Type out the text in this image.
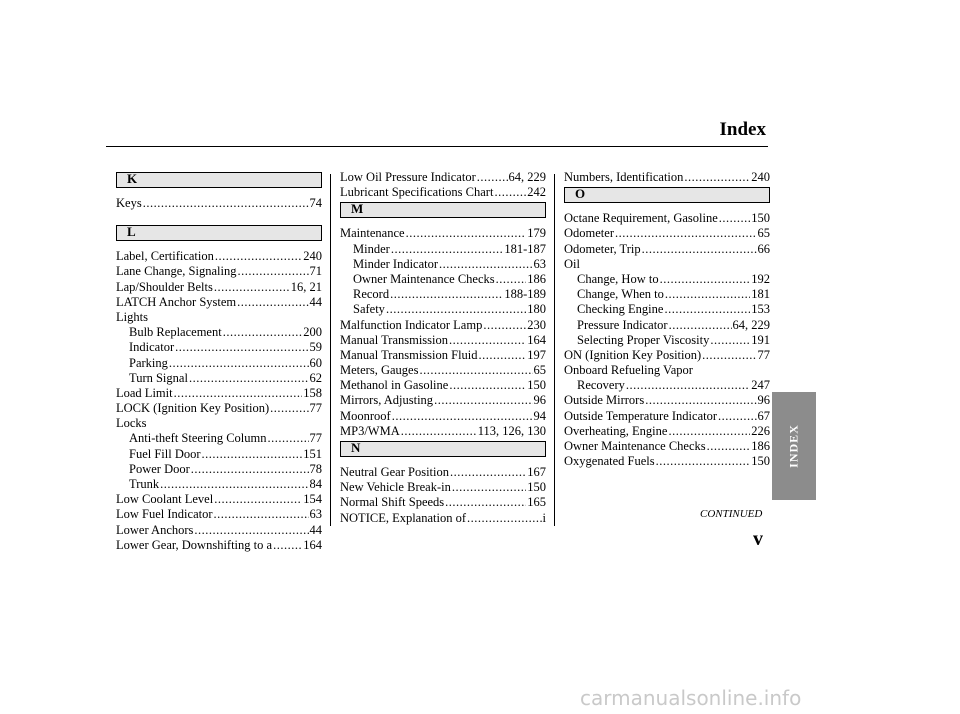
Index
K
Keys .....	74
L
Label, Certification .....	240
Lane Change, Signaling .....	71
Lap/Shoulder Belts .....	16, 21
LATCH Anchor System .....	44
Lights
Bulb Replacement .....	200
Indicator .....	59
Parking .....	60
Turn Signal .....	62
Load Limit .....	158
LOCK (Ignition Key Position) .....	77
Locks
Anti-theft Steering Column .....	77
Fuel Fill Door .....	151
Power Door .....	78
Trunk .....	84
Low Coolant Level .....	154
Low Fuel Indicator .....	63
Lower Anchors .....	44
Lower Gear, Downshifting to a ..... 164
Low Oil Pressure Indicator .....	64, 229
Lubricant Specifications Chart .....	242
M
Maintenance .....	179
Minder .....	181-187
Minder Indicator .....	63
Owner Maintenance Checks .....	186
Record .....	188-189
Safety .....	180
Malfunction Indicator Lamp .....	230
Manual Transmission .....	164
Manual Transmission Fluid .....	197
Meters, Gauges .....	65
Methanol in Gasoline .....	150
Mirrors, Adjusting .....	96
Moonroof .....	94
MP3/WMA .....	113, 126, 130
N
Neutral Gear Position .....	167
New Vehicle Break-in .....	150
Normal Shift Speeds .....	165
NOTICE, Explanation of .....	i
Numbers, Identification .....	240
O
Octane Requirement, Gasoline .....	150
Odometer .....	65
Odometer, Trip .....	66
Oil
Change, How to .....	192
Change, When to .....	181
Checking Engine .....	153
Pressure Indicator .....	64, 229
Selecting Proper Viscosity .....	191
ON (Ignition Key Position) .....	77
Onboard Refueling Vapor
Recovery .....	247
Outside Mirrors .....	96
Outside Temperature Indicator .....	67
Overheating, Engine .....	226
Owner Maintenance Checks .....	186
Oxygenated Fuels .....	150
CONTINUED
v
INDEX
carmanualsonline.info
